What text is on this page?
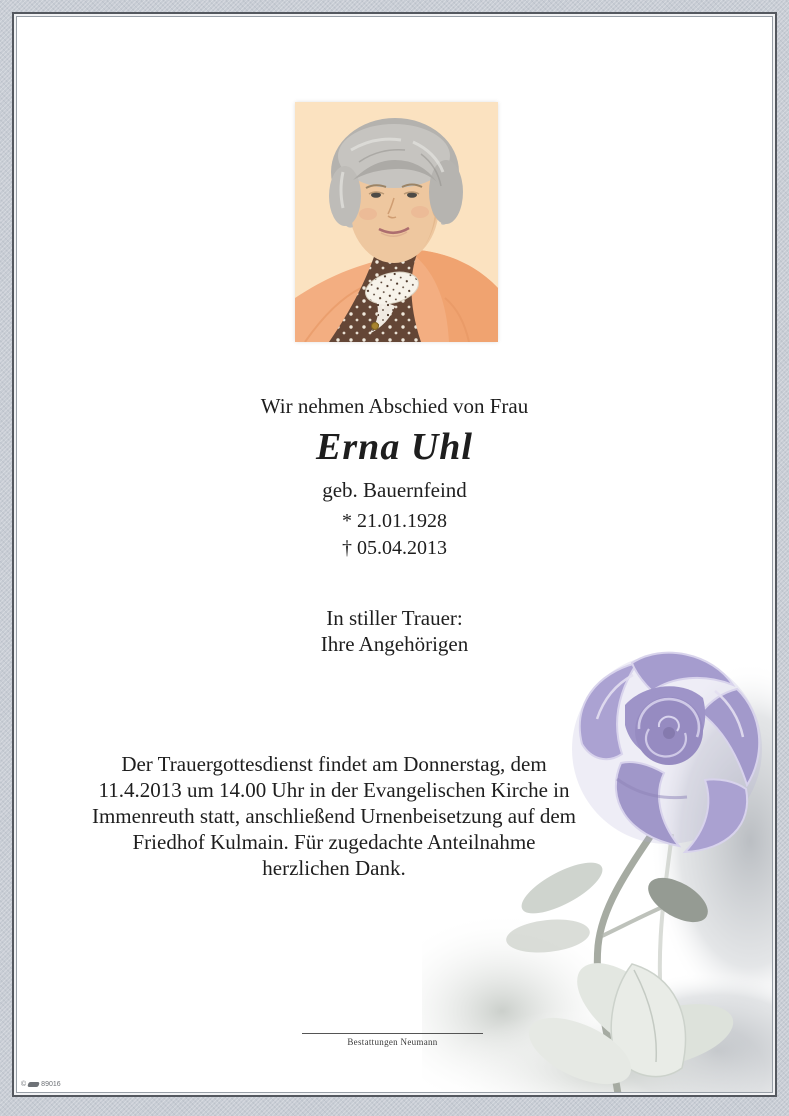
Wir nehmen Abschied von Frau
Erna Uhl
geb. Bauernfeind
* 21.01.1928
† 05.04.2013
In stiller Trauer:
Ihre Angehörigen
Der Trauergottesdienst findet am Donnerstag, dem 11.4.2013 um 14.00 Uhr in der Evangelischen Kirche in Immenreuth statt, anschließend Urnenbeisetzung auf dem Friedhof Kulmain. Für zugedachte Anteilnahme herzlichen Dank.
Bestattungen Neumann
© 89016
